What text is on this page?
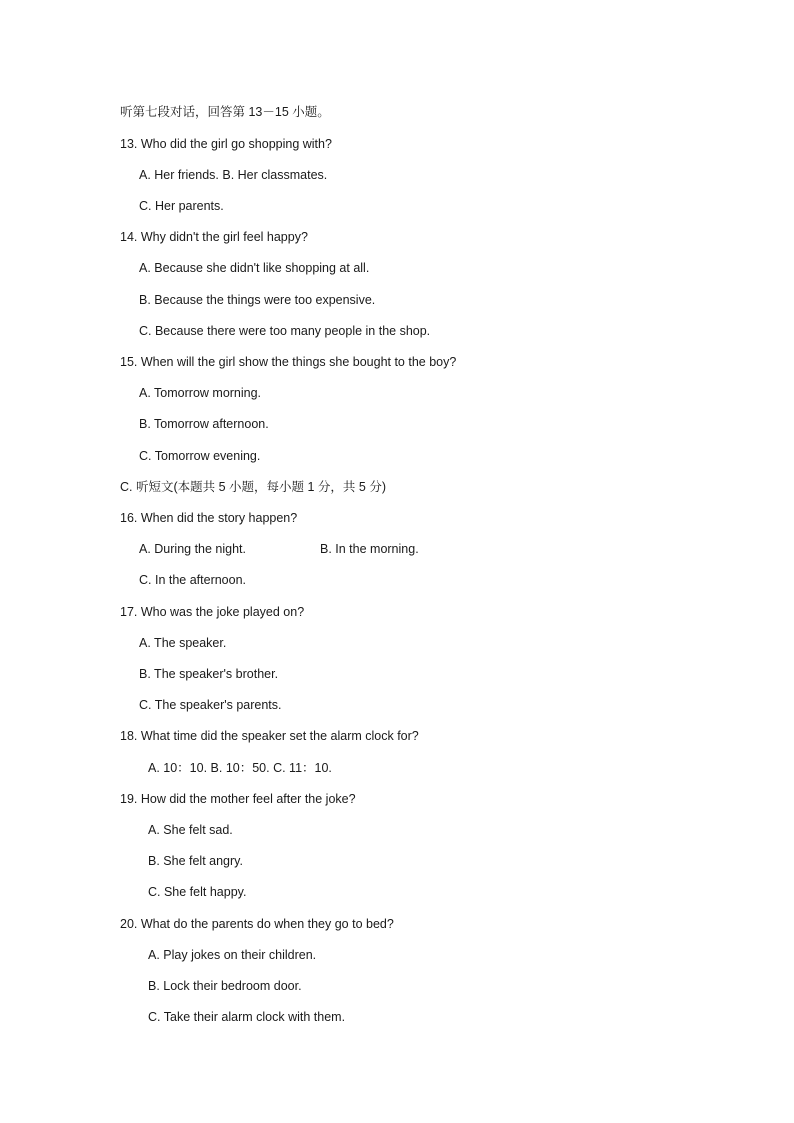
听第七段对话，回答第 13－15 小题。
13. Who did the girl go shopping with?
A. Her friends. B. Her classmates.
C. Her parents.
14. Why didn't the girl feel happy?
A. Because she didn't like shopping at all.
B. Because the things were too expensive.
C. Because there were too many people in the shop.
15. When will the girl show the things she bought to the boy?
A. Tomorrow morning.
B. Tomorrow afternoon.
C. Tomorrow evening.
C. 听短文(本题共 5 小题，每小题 1 分，共 5 分)
16. When did the story happen?
A. During the night.	B. In the morning.
C. In the afternoon.
17. Who was the joke played on?
A. The speaker.
B. The speaker's brother.
C. The speaker's parents.
18. What time did the speaker set the alarm clock for?
A. 10：10. B. 10：50. C. 11：10.
19. How did the mother feel after the joke?
A. She felt sad.
B. She felt angry.
C. She felt happy.
20. What do the parents do when they go to bed?
A. Play jokes on their children.
B. Lock their bedroom door.
C. Take their alarm clock with them.
